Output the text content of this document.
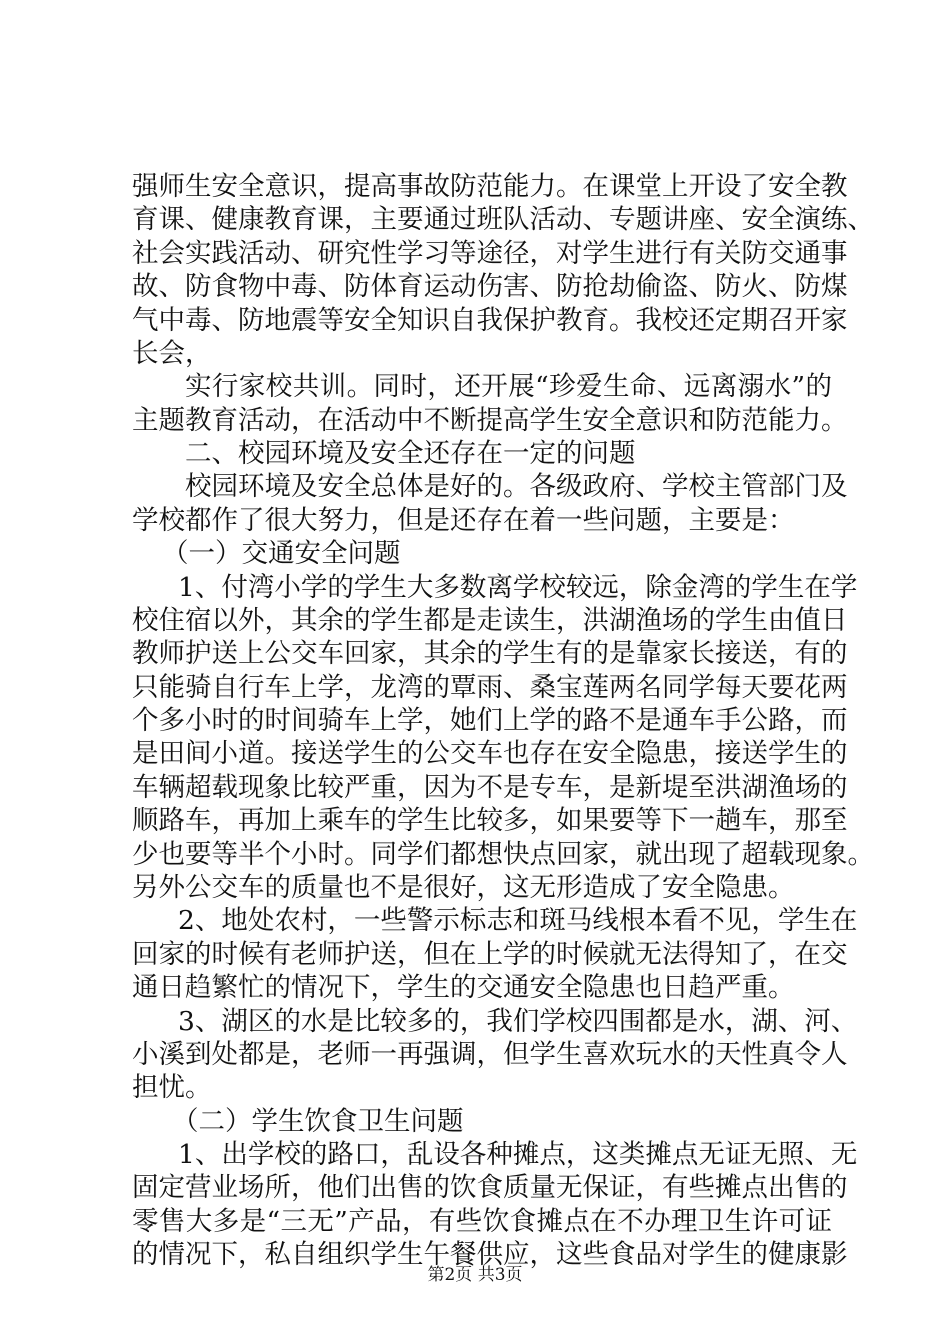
强师生安全意识，提高事故防范能力。在课堂上开设了安全教
育课、健康教育课，主要通过班队活动、专题讲座、安全演练、
社会实践活动、研究性学习等途径，对学生进行有关防交通事
故、防食物中毒、防体育运动伤害、防抢劫偷盗、防火、防煤
气中毒、防地震等安全知识自我保护教育。我校还定期召开家
长会，
实行家校共训。同时，还开展“珍爱生命、远离溺水”的
主题教育活动，在活动中不断提高学生安全意识和防范能力。
二、校园环境及安全还存在一定的问题
校园环境及安全总体是好的。各级政府、学校主管部门及
学校都作了很大努力，但是还存在着一些问题，主要是：
（一）交通安全问题
1、付湾小学的学生大多数离学校较远，除金湾的学生在学
校住宿以外，其余的学生都是走读生，洪湖渔场的学生由值日
教师护送上公交车回家，其余的学生有的是靠家长接送，有的
只能骑自行车上学，龙湾的覃雨、桑宝莲两名同学每天要花两
个多小时的时间骑车上学，她们上学的路不是通车手公路，而
是田间小道。接送学生的公交车也存在安全隐患，接送学生的
车辆超载现象比较严重，因为不是专车，是新堤至洪湖渔场的
顺路车，再加上乘车的学生比较多，如果要等下一趟车，那至
少也要等半个小时。同学们都想快点回家，就出现了超载现象。
另外公交车的质量也不是很好，这无形造成了安全隐患。
2、地处农村，一些警示标志和斑马线根本看不见，学生在
回家的时候有老师护送，但在上学的时候就无法得知了，在交
通日趋繁忙的情况下，学生的交通安全隐患也日趋严重。
3、湖区的水是比较多的，我们学校四围都是水，湖、河、
小溪到处都是，老师一再强调，但学生喜欢玩水的天性真令人
担忧。
（二）学生饮食卫生问题
1、出学校的路口，乱设各种摊点，这类摊点无证无照、无
固定营业场所，他们出售的饮食质量无保证，有些摊点出售的
零售大多是“三无”产品，有些饮食摊点在不办理卫生许可证
第2页 共3页
的情况下，私自组织学生午餐供应，这些食品对学生的健康影
